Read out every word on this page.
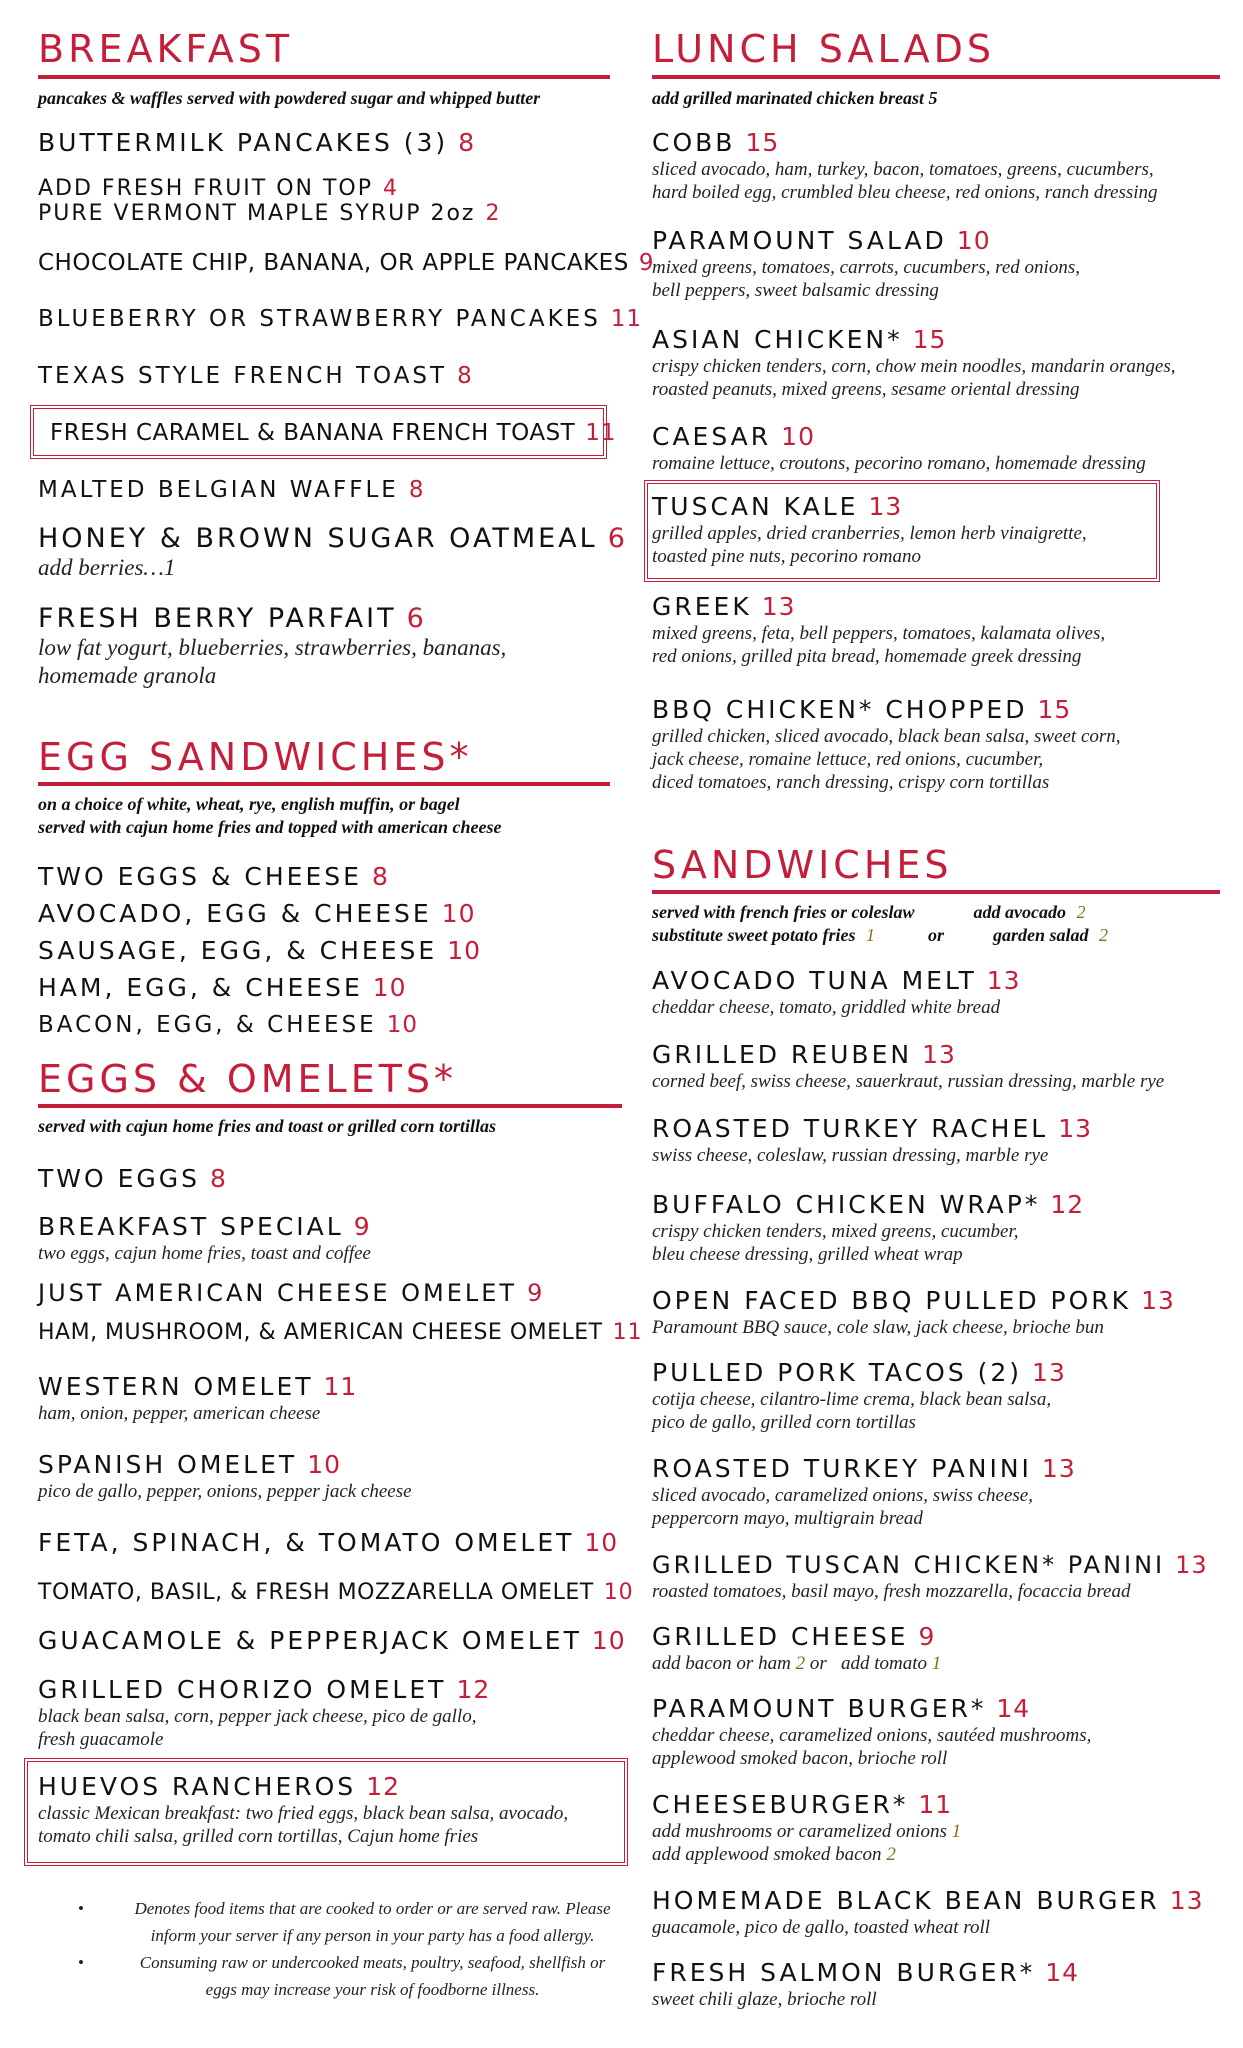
BREAKFAST
pancakes & waffles served with powdered sugar and whipped butter
BUTTERMILK PANCAKES (3) 8
ADD FRESH FRUIT ON TOP 4
PURE VERMONT MAPLE SYRUP 2oz 2
CHOCOLATE CHIP, BANANA, OR APPLE PANCAKES 9
BLUEBERRY OR STRAWBERRY PANCAKES 11
TEXAS STYLE FRENCH TOAST 8
FRESH CARAMEL & BANANA FRENCH TOAST 11
MALTED BELGIAN WAFFLE 8
HONEY & BROWN SUGAR OATMEAL 6
add berries…1
FRESH BERRY PARFAIT 6
low fat yogurt, blueberries, strawberries, bananas,
homemade granola
EGG SANDWICHES*
on a choice of white, wheat, rye, english muffin, or bagel
served with cajun home fries and topped with american cheese
TWO EGGS & CHEESE 8
AVOCADO, EGG & CHEESE 10
SAUSAGE, EGG, & CHEESE 10
HAM, EGG, & CHEESE 10
BACON, EGG, & CHEESE 10
EGGS & OMELETS*
served with cajun home fries and toast or grilled corn tortillas
TWO EGGS 8
BREAKFAST SPECIAL 9
two eggs, cajun home fries, toast and coffee
JUST AMERICAN CHEESE OMELET 9
HAM, MUSHROOM, & AMERICAN CHEESE OMELET 11
WESTERN OMELET 11
ham, onion, pepper, american cheese
SPANISH OMELET 10
pico de gallo, pepper, onions, pepper jack cheese
FETA, SPINACH, & TOMATO OMELET 10
TOMATO, BASIL, & FRESH MOZZARELLA OMELET 10
GUACAMOLE & PEPPERJACK OMELET 10
GRILLED CHORIZO OMELET 12
black bean salsa, corn, pepper jack cheese, pico de gallo,
fresh guacamole
HUEVOS RANCHEROS 12
classic Mexican breakfast: two fried eggs, black bean salsa, avocado,
tomato chili salsa, grilled corn tortillas, Cajun home fries
•	Denotes food items that are cooked to order or are served raw. Please
inform your server if any person in your party has a food allergy.
•	Consuming raw or undercooked meats, poultry, seafood, shellfish or
eggs may increase your risk of foodborne illness.
LUNCH SALADS
add grilled marinated chicken breast 5
COBB 15
sliced avocado, ham, turkey, bacon, tomatoes, greens, cucumbers,
hard boiled egg, crumbled bleu cheese, red onions, ranch dressing
PARAMOUNT SALAD 10
mixed greens, tomatoes, carrots, cucumbers, red onions,
bell peppers, sweet balsamic dressing
ASIAN CHICKEN* 15
crispy chicken tenders, corn, chow mein noodles, mandarin oranges,
roasted peanuts, mixed greens, sesame oriental dressing
CAESAR 10
romaine lettuce, croutons, pecorino romano, homemade dressing
TUSCAN KALE 13
grilled apples, dried cranberries, lemon herb vinaigrette,
toasted pine nuts, pecorino romano
GREEK 13
mixed greens, feta, bell peppers, tomatoes, kalamata olives,
red onions, grilled pita bread, homemade greek dressing
BBQ CHICKEN* CHOPPED 15
grilled chicken, sliced avocado, black bean salsa, sweet corn,
jack cheese, romaine lettuce, red onions, cucumber,
diced tomatoes, ranch dressing, crispy corn tortillas
SANDWICHES
served with french fries or coleslaw	add avocado 2
substitute sweet potato fries 1	or	garden salad 2
AVOCADO TUNA MELT 13
cheddar cheese, tomato, griddled white bread
GRILLED REUBEN 13
corned beef, swiss cheese, sauerkraut, russian dressing, marble rye
ROASTED TURKEY RACHEL 13
swiss cheese, coleslaw, russian dressing, marble rye
BUFFALO CHICKEN WRAP* 12
crispy chicken tenders, mixed greens, cucumber,
bleu cheese dressing, grilled wheat wrap
OPEN FACED BBQ PULLED PORK 13
Paramount BBQ sauce, cole slaw, jack cheese, brioche bun
PULLED PORK TACOS (2) 13
cotija cheese, cilantro-lime crema, black bean salsa,
pico de gallo, grilled corn tortillas
ROASTED TURKEY PANINI 13
sliced avocado, caramelized onions, swiss cheese,
peppercorn mayo, multigrain bread
GRILLED TUSCAN CHICKEN* PANINI 13
roasted tomatoes, basil mayo, fresh mozzarella, focaccia bread
GRILLED CHEESE 9
add bacon or ham 2 or   add tomato 1
PARAMOUNT BURGER* 14
cheddar cheese, caramelized onions, sautéed mushrooms,
applewood smoked bacon, brioche roll
CHEESEBURGER* 11
add mushrooms or caramelized onions 1
add applewood smoked bacon 2
HOMEMADE BLACK BEAN BURGER 13
guacamole, pico de gallo, toasted wheat roll
FRESH SALMON BURGER* 14
sweet chili glaze, brioche roll
